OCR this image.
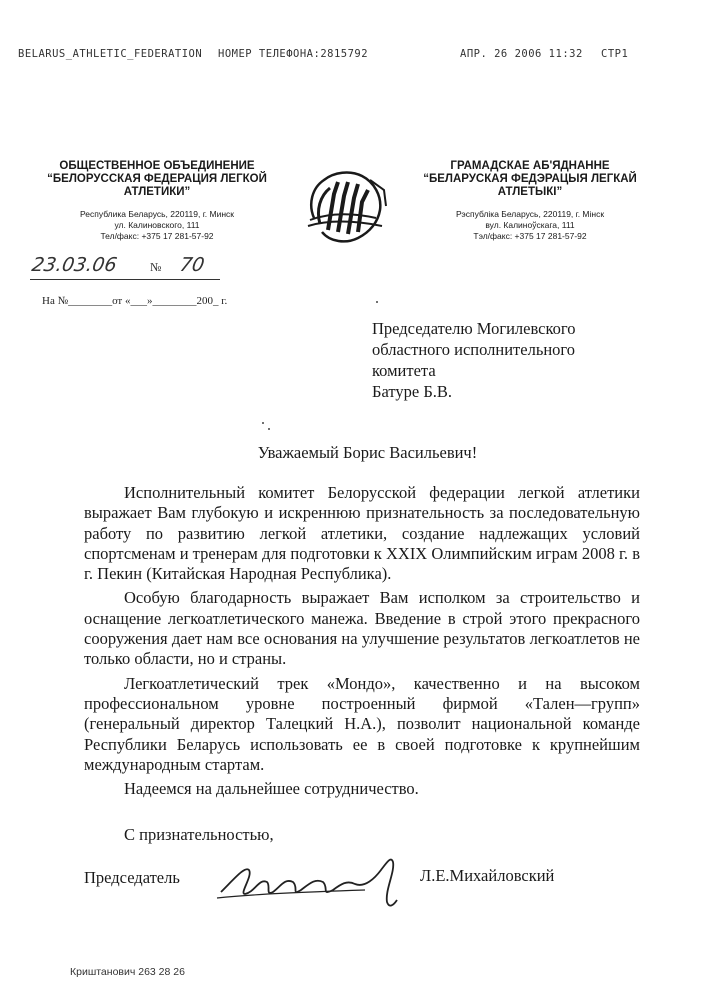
BELARUS_ATHLETIC_FEDERATION НОМЕР ТЕЛЕФОНА:2815792	АПР. 26 2006 11:32 СТР1
ОБЩЕСТВЕННОЕ ОБЪЕДИНЕНИЕ
“БЕЛОРУССКАЯ ФЕДЕРАЦИЯ ЛЕГКОЙ
АТЛЕТИКИ”
Республика Беларусь, 220119, г. Минск
ул. Калиновского, 111
Тел/факс: +375 17 281-57-92
ГРАМАДСКАЕ АБ'ЯДНАННЕ
“БЕЛАРУСКАЯ ФЕДЭРАЦЫЯ ЛЕГКАЙ
АТЛЕТЫКІ”
Рэспубліка Беларусь, 220119, г. Мінск
вул. Калиноўскага, 111
Тэл/факс: +375 17 281-57-92
23.03.06	№ 70
На №________от «___»________200_ г.
Председателю Могилевского
областного исполнительного
комитета
Батуре Б.В.
Уважаемый Борис Васильевич!

Исполнительный комитет Белорусской федерации легкой атлетики выражает Вам глубокую и искреннюю признательность за последовательную работу по развитию легкой атлетики, создание надлежащих условий спортсменам и тренерам для подготовки к XXIX Олимпийским играм 2008 г. в г. Пекин (Китайская Народная Республика).

Особую благодарность выражает Вам исполком за строительство и оснащение легкоатлетического манежа. Введение в строй этого прекрасного сооружения дает нам все основания на улучшение результатов легкоатлетов не только области, но и страны.

Легкоатлетический трек «Мондо», качественно и на высоком профессиональном уровне построенный фирмой «Тален—групп» (генеральный директор Талецкий Н.А.), позволит национальной команде Республики Беларусь использовать ее в своей подготовке к крупнейшим международным стартам.

Надеемся на дальнейшее сотрудничество.

С признательностью,
Председатель	Л.Е.Михайловский
Криштанович 263 28 26
